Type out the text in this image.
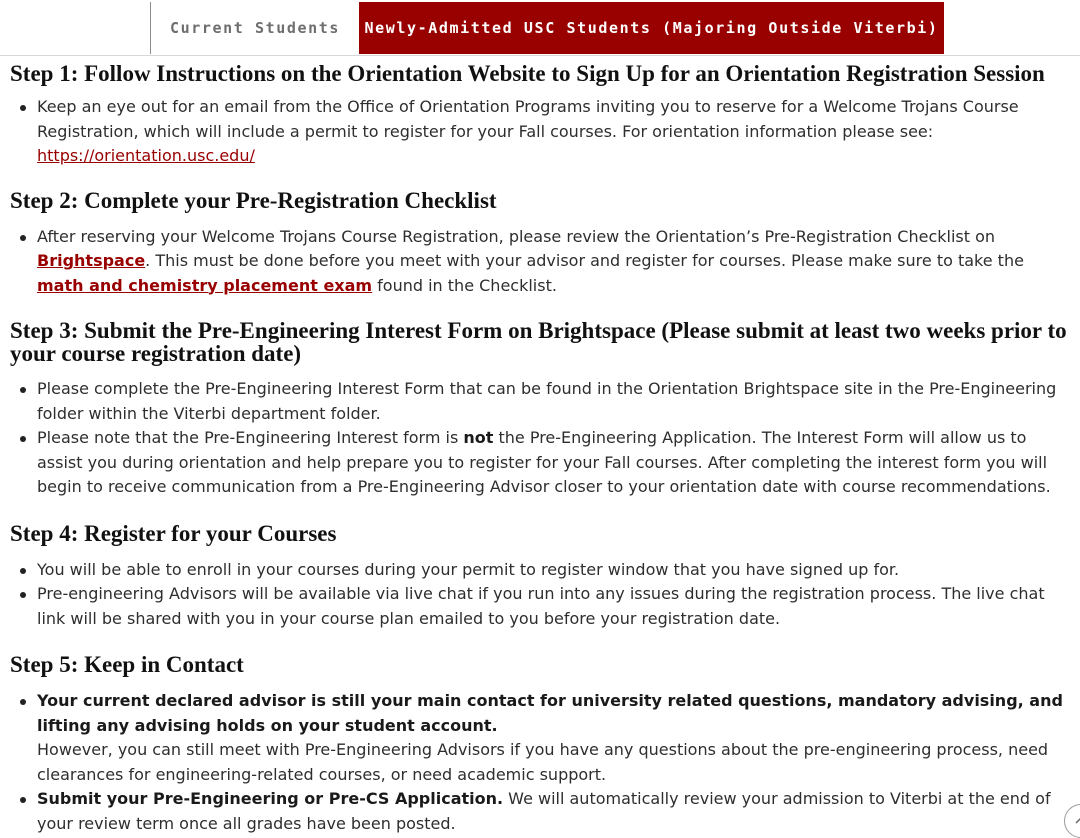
Current Students	Newly-Admitted USC Students (Majoring Outside Viterbi)
Step 1: Follow Instructions on the Orientation Website to Sign Up for an Orientation Registration Session
Keep an eye out for an email from the Office of Orientation Programs inviting you to reserve for a Welcome Trojans Course Registration, which will include a permit to register for your Fall courses. For orientation information please see: https://orientation.usc.edu/
Step 2: Complete your Pre-Registration Checklist
After reserving your Welcome Trojans Course Registration, please review the Orientation’s Pre-Registration Checklist on Brightspace. This must be done before you meet with your advisor and register for courses. Please make sure to take the math and chemistry placement exam found in the Checklist.
Step 3: Submit the Pre-Engineering Interest Form on Brightspace (Please submit at least two weeks prior to your course registration date)
Please complete the Pre-Engineering Interest Form that can be found in the Orientation Brightspace site in the Pre-Engineering folder within the Viterbi department folder.
Please note that the Pre-Engineering Interest form is not the Pre-Engineering Application. The Interest Form will allow us to assist you during orientation and help prepare you to register for your Fall courses. After completing the interest form you will begin to receive communication from a Pre-Engineering Advisor closer to your orientation date with course recommendations.
Step 4: Register for your Courses
You will be able to enroll in your courses during your permit to register window that you have signed up for.
Pre-engineering Advisors will be available via live chat if you run into any issues during the registration process. The live chat link will be shared with you in your course plan emailed to you before your registration date.
Step 5: Keep in Contact
Your current declared advisor is still your main contact for university related questions, mandatory advising, and lifting any advising holds on your student account.
However, you can still meet with Pre-Engineering Advisors if you have any questions about the pre-engineering process, need clearances for engineering-related courses, or need academic support.
Submit your Pre-Engineering or Pre-CS Application. We will automatically review your admission to Viterbi at the end of your review term once all grades have been posted.
